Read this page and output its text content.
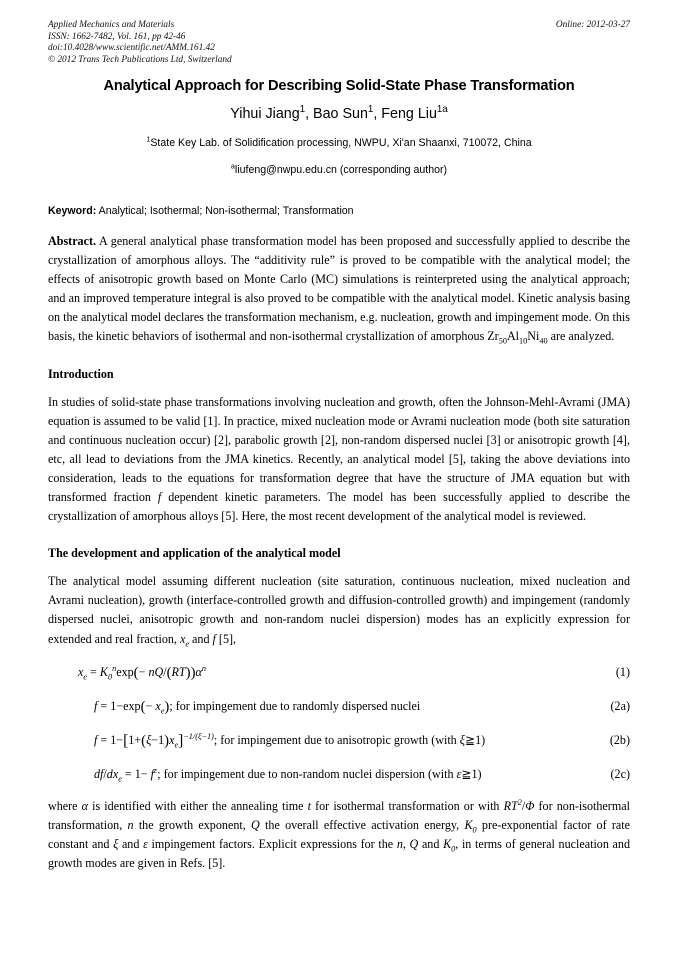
Applied Mechanics and Materials
ISSN: 1662-7482, Vol. 161, pp 42-46
doi:10.4028/www.scientific.net/AMM.161.42
© 2012 Trans Tech Publications Ltd, Switzerland
Online: 2012-03-27
Analytical Approach for Describing Solid-State Phase Transformation
Yihui Jiang$^1$, Bao Sun$^1$, Feng Liu$^{1a}$
$^1$State Key Lab. of Solidification processing, NWPU, Xi'an Shaanxi, 710072, China
$^a$liufeng@nwpu.edu.cn (corresponding author)
Keyword: Analytical; Isothermal; Non-isothermal; Transformation
Abstract. A general analytical phase transformation model has been proposed and successfully applied to describe the crystallization of amorphous alloys. The “additivity rule” is proved to be compatible with the analytical model; the effects of anisotropic growth based on Monte Carlo (MC) simulations is reinterpreted using the analytical approach; and an improved temperature integral is also proved to be compatible with the analytical model. Kinetic analysis basing on the analytical model declares the transformation mechanism, e.g. nucleation, growth and impingement mode. On this basis, the kinetic behaviors of isothermal and non-isothermal crystallization of amorphous $Zr_{50}Al_{10}Ni_{40}$ are analyzed.
Introduction
In studies of solid-state phase transformations involving nucleation and growth, often the Johnson-Mehl-Avrami (JMA) equation is assumed to be valid [1]. In practice, mixed nucleation mode or Avrami nucleation mode (both site saturation and continuous nucleation occur) [2], parabolic growth [2], non-random dispersed nuclei [3] or anisotropic growth [4], etc, all lead to deviations from the JMA kinetics. Recently, an analytical model [5], taking the above deviations into consideration, leads to the equations for transformation degree that have the structure of JMA equation but with transformed fraction f dependent kinetic parameters. The model has been successfully applied to describe the crystallization of amorphous alloys [5]. Here, the most recent development of the analytical model is reviewed.
The development and application of the analytical model
The analytical model assuming different nucleation (site saturation, continuous nucleation, mixed nucleation and Avrami nucleation), growth (interface-controlled growth and diffusion-controlled growth) and impingement (randomly dispersed nuclei, anisotropic growth and non-random nuclei dispersion) modes has an explicitly expression for extended and real fraction, $x_e$ and f [5],
$x_e = K_0^n\exp(- nQ/(RT))\alpha^n$	(1)
$f = 1-\exp(- x_e)$; for impingement due to randomly dispersed nuclei	(2a)
$f = 1-[1+(\xi-1)x_e]^{-1/(\xi-1)}$; for impingement due to anisotropic growth (with ξ≧1)	(2b)
$df/dx_e = 1- f^\varepsilon$; for impingement due to non-random nuclei dispersion (with ε≧1)	(2c)
where α is identified with either the annealing time t for isothermal transformation or with $RT^2/\Phi$ for non-isothermal transformation, n the growth exponent, Q the overall effective activation energy, $K_0$ pre-exponential factor of rate constant and ξ and ε impingement factors. Explicit expressions for the n, Q and $K_0$, in terms of general nucleation and growth modes are given in Refs. [5].
